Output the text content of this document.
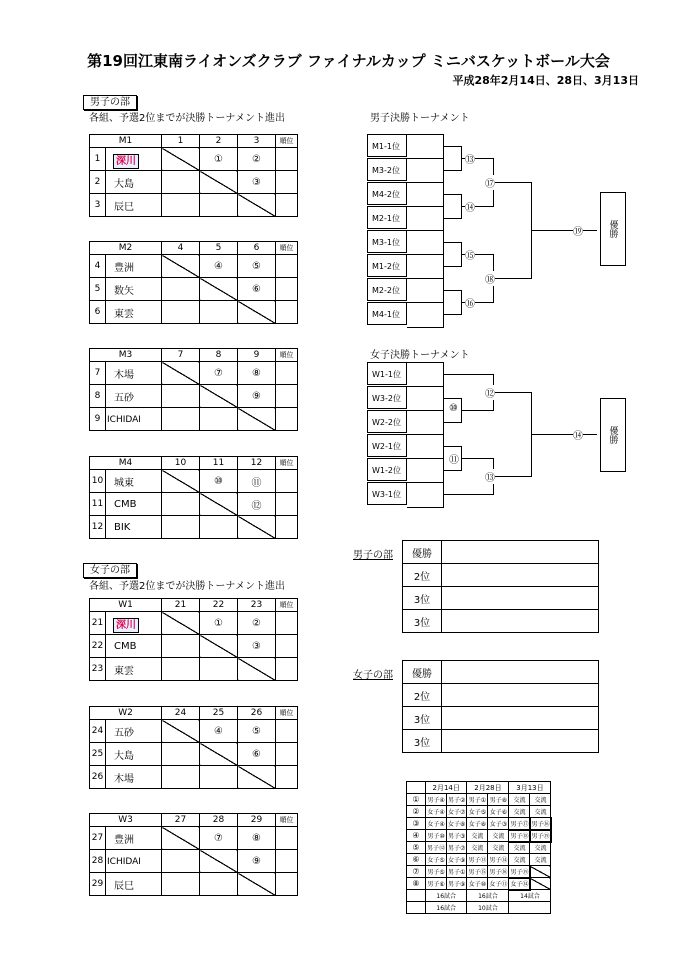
第19回江東南ライオンズクラブ ファイナルカップ ミニバスケットボール大会
平成28年2月14日、28日、3月13日
男子の部
各組、予選2位までが決勝トーナメント進出
M1		1	2	3	順位
1	深川		①	②	
2	大島			③	
3	辰巳				
M2		4	5	6	順位
4	豊洲		④	⑤	
5	数矢			⑥	
6	東雲				
M3		7	8	9	順位
7	木場		⑦	⑧	
8	五砂			⑨	
9	ICHIDAI				
M4		10	11	12	順位
10	城東		⑩	⑪	
11	CMB			⑫	
12	BIK				
女子の部
各組、予選2位までが決勝トーナメント進出
W1		21	22	23	順位
21	深川		①	②	
22	CMB			③	
23	東雲				
W2		24	25	26	順位
24	五砂		④	⑤	
25	大島			⑥	
26	木場				
W3		27	28	29	順位
27	豊洲		⑦	⑧	
28	ICHIDAI			⑨	
29	辰巳				
男子決勝トーナメント
M1-1位
M3-2位
M4-2位
M2-1位
M3-1位
M1-2位
M2-2位
M4-1位
⑬
⑭
⑮
⑯
⑰
⑱
⑲	優勝
女子決勝トーナメント
W1-1位
W3-2位
W2-2位
W2-1位
W1-2位
W3-1位
⑩
⑪
⑫
⑬
⑭	優勝
男子の部 優勝	
2位	
3位	
3位	
女子の部 優勝	
2位	
3位	
3位	
	2月14日		2月28日		3月13日	
①	男子④	男子②	男子①	男子⑧	交流	交流
②	女子④	女子⑦	女子⑤	女子⑥	交流	交流
③	女子④	女子⑧	女子⑧	女子③	男子⑰	男子⑯
④	男子⑩	男子③	交流	交流	男子⑱	男子⑲
⑤	男子⑫	男子⑦	交流	交流	交流	交流
⑥	女子⑤	女子⑨	男子⑬	男子⑭	交流	交流
⑦	男子⑤	男子①	男子⑮	男子⑯	男子⑲	
⑧	男子⑥	男子⑨	女子⑩	女子⑪	女子⑭	
	16試合		16試合		14試合	
	16試合		10試合			
